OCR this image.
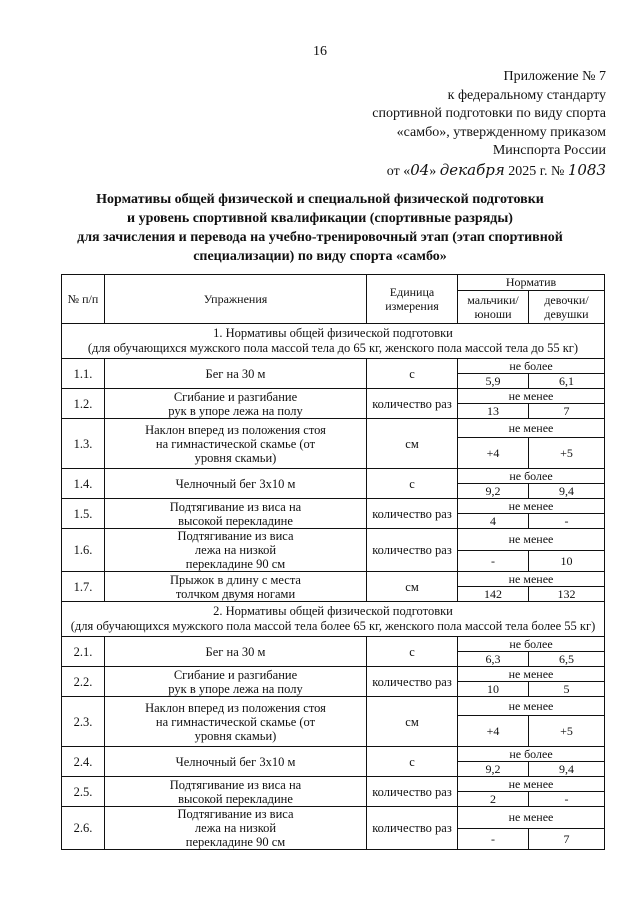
16
Приложение № 7
к федеральному стандарту
спортивной подготовки по виду спорта
«самбо», утвержденному приказом
Минспорта России
от «04» декабря 2025 г. № 1083
Нормативы общей физической и специальной физической подготовки
и уровень спортивной квалификации (спортивные разряды)
для зачисления и перевода на учебно-тренировочный этап (этап спортивной
специализации) по виду спорта «самбо»
№ п/п	Упражнения	Единица измерения	Норматив	
			мальчики/ юноши	девочки/ девушки

1. Нормативы общей физической подготовки
(для обучающихся мужского пола массой тела до 65 кг, женского пола массой тела до 55 кг)				

1.1.	Бег на 30 м	с	не более	
			5,9	6,1
1.2.	Сгибание и разгибание рук в упоре лежа на полу	количество раз	не менее	
			13	7
1.3.	Наклон вперед из положения стоя на гимнастической скамье (от уровня скамьи)	см	не менее	
			+4	+5
1.4.	Челночный бег 3х10 м	с	не более	
			9,2	9,4
1.5.	Подтягивание из виса на высокой перекладине	количество раз	не менее	
			4	-
1.6.	Подтягивание из виса лежа на низкой перекладине 90 см	количество раз	не менее	
			-	10
1.7.	Прыжок в длину с места толчком двумя ногами	см	не менее	
			142	132

2. Нормативы общей физической подготовки
(для обучающихся мужского пола массой тела более 65 кг, женского пола массой тела более 55 кг)				

2.1.	Бег на 30 м	с	не более	
			6,3	6,5
2.2.	Сгибание и разгибание рук в упоре лежа на полу	количество раз	не менее	
			10	5
2.3.	Наклон вперед из положения стоя на гимнастической скамье (от уровня скамьи)	см	не менее	
			+4	+5
2.4.	Челночный бег 3х10 м	с	не более	
			9,2	9,4
2.5.	Подтягивание из виса на высокой перекладине	количество раз	не менее	
			2	-
2.6.	Подтягивание из виса лежа на низкой перекладине 90 см	количество раз	не менее	
			-	7
